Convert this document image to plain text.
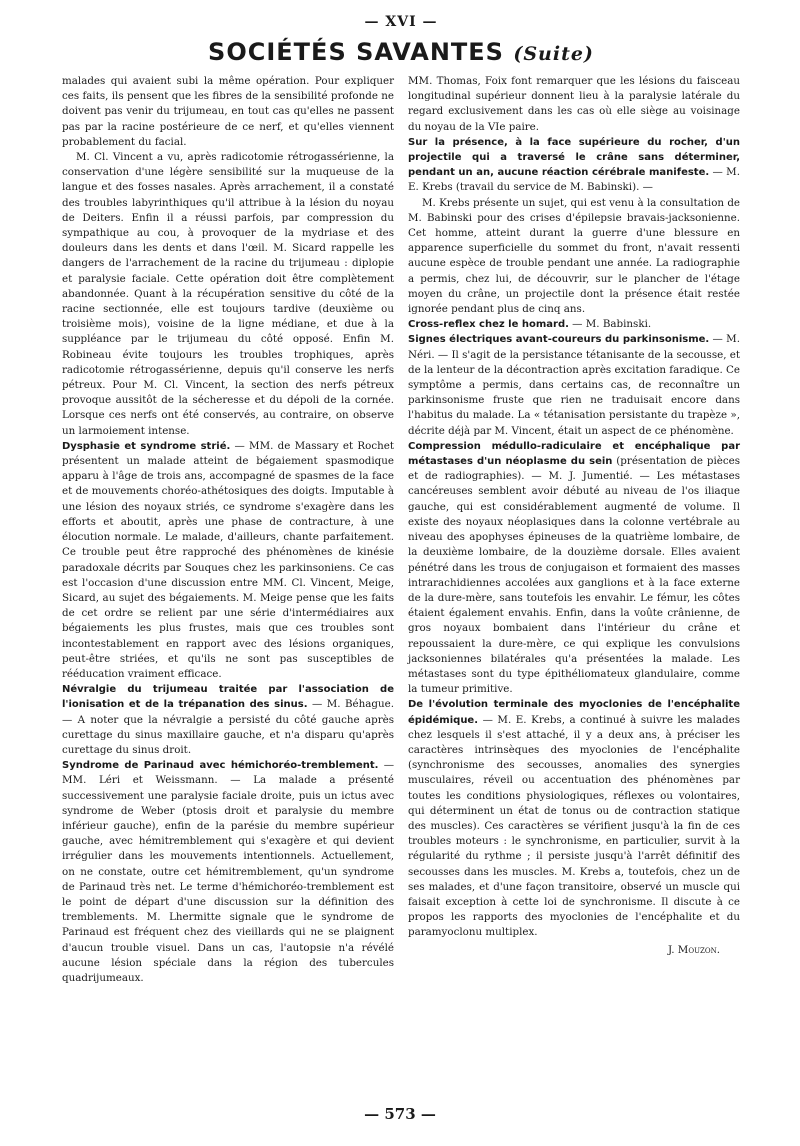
— XVI —
SOCIÉTÉS SAVANTES (Suite)

malades qui avaient subi la même opération. Pour expliquer ces faits, ils pensent que les fibres de la sensibilité profonde ne doivent pas venir du trijumeau, en tout cas qu'elles ne passent pas par la racine postérieure de ce nerf, et qu'elles viennent probablement du facial.

M. Cl. Vincent a vu, après radicotomie rétrogassérienne, la conservation d'une légère sensibilité sur la muqueuse de la langue et des fosses nasales. Après arrachement, il a constaté des troubles labyrinthiques qu'il attribue à la lésion du noyau de Deiters. Enfin il a réussi parfois, par compression du sympathique au cou, à provoquer de la mydriase et des douleurs dans les dents et dans l'œil. M. Sicard rappelle les dangers de l'arrachement de la racine du trijumeau : diplopie et paralysie faciale. Cette opération doit être complètement abandonnée. Quant à la récupération sensitive du côté de la racine sectionnée, elle est toujours tardive (deuxième ou troisième mois), voisine de la ligne médiane, et due à la suppléance par le trijumeau du côté opposé. Enfin M. Robineau évite toujours les troubles trophiques, après radicotomie rétrogassérienne, depuis qu'il conserve les nerfs pétreux. Pour M. Cl. Vincent, la section des nerfs pétreux provoque aussitôt de la sécheresse et du dépoli de la cornée. Lorsque ces nerfs ont été conservés, au contraire, on observe un larmoiement intense.

Dysphasie et syndrome strié. — MM. de Massary et Rochet présentent un malade atteint de bégaiement spasmodique apparu à l'âge de trois ans, accompagné de spasmes de la face et de mouvements choréo-athétosiques des doigts. Imputable à une lésion des noyaux striés, ce syndrome s'exagère dans les efforts et aboutit, après une phase de contracture, à une élocution normale. Le malade, d'ailleurs, chante parfaitement. Ce trouble peut être rapproché des phénomènes de kinésie paradoxale décrits par Souques chez les parkinsoniens. Ce cas est l'occasion d'une discussion entre MM. Cl. Vincent, Meige, Sicard, au sujet des bégaiements. M. Meige pense que les faits de cet ordre se relient par une série d'intermédiaires aux bégaiements les plus frustes, mais que ces troubles sont incontestablement en rapport avec des lésions organiques, peut-être striées, et qu'ils ne sont pas susceptibles de rééducation vraiment efficace.

Névralgie du trijumeau traitée par l'association de l'ionisation et de la trépanation des sinus. — M. Béhague. — A noter que la névralgie a persisté du côté gauche après curettage du sinus maxillaire gauche, et n'a disparu qu'après curettage du sinus droit.

Syndrome de Parinaud avec hémichoréo-tremblement. — MM. Léri et Weissmann. — La malade a présenté successivement une paralysie faciale droite, puis un ictus avec syndrome de Weber (ptosis droit et paralysie du membre inférieur gauche), enfin de la parésie du membre supérieur gauche, avec hémitremblement qui s'exagère et qui devient irrégulier dans les mouvements intentionnels. Actuellement, on ne constate, outre cet hémitremblement, qu'un syndrome de Parinaud très net. Le terme d'hémichoréo-tremblement est le point de départ d'une discussion sur la définition des tremblements. M. Lhermitte signale que le syndrome de Parinaud est fréquent chez des vieillards qui ne se plaignent d'aucun trouble visuel. Dans un cas, l'autopsie n'a révélé aucune lésion spéciale dans la région des tubercules quadrijumeaux.

MM. Thomas, Foix font remarquer que les lésions du faisceau longitudinal supérieur donnent lieu à la paralysie latérale du regard exclusivement dans les cas où elle siège au voisinage du noyau de la VIe paire.

Sur la présence, à la face supérieure du rocher, d'un projectile qui a traversé le crâne sans déterminer, pendant un an, aucune réaction cérébrale manifeste. — M. E. Krebs (travail du service de M. Babinski). —

M. Krebs présente un sujet, qui est venu à la consultation de M. Babinski pour des crises d'épilepsie bravais-jacksonienne. Cet homme, atteint durant la guerre d'une blessure en apparence superficielle du sommet du front, n'avait ressenti aucune espèce de trouble pendant une année. La radiographie a permis, chez lui, de découvrir, sur le plancher de l'étage moyen du crâne, un projectile dont la présence était restée ignorée pendant plus de cinq ans.

Cross-reflex chez le homard. — M. Babinski.

Signes électriques avant-coureurs du parkinsonisme. — M. Néri. — Il s'agit de la persistance tétanisante de la secousse, et de la lenteur de la décontraction après excitation faradique. Ce symptôme a permis, dans certains cas, de reconnaître un parkinsonisme fruste que rien ne traduisait encore dans l'habitus du malade. La « tétanisation persistante du trapèze », décrite déjà par M. Vincent, était un aspect de ce phénomène.

Compression médullo-radiculaire et encéphalique par métastases d'un néoplasme du sein (présentation de pièces et de radiographies). — M. J. Jumentié. — Les métastases cancéreuses semblent avoir débuté au niveau de l'os iliaque gauche, qui est considérablement augmenté de volume. Il existe des noyaux néoplasiques dans la colonne vertébrale au niveau des apophyses épineuses de la quatrième lombaire, de la deuxième lombaire, de la douzième dorsale. Elles avaient pénétré dans les trous de conjugaison et formaient des masses intrarachidiennes accolées aux ganglions et à la face externe de la dure-mère, sans toutefois les envahir. Le fémur, les côtes étaient également envahis. Enfin, dans la voûte crânienne, de gros noyaux bombaient dans l'intérieur du crâne et repoussaient la dure-mère, ce qui explique les convulsions jacksoniennes bilatérales qu'a présentées la malade. Les métastases sont du type épithéliomateux glandulaire, comme la tumeur primitive.

De l'évolution terminale des myoclonies de l'encéphalite épidémique. — M. E. Krebs, a continué à suivre les malades chez lesquels il s'est attaché, il y a deux ans, à préciser les caractères intrinsèques des myoclonies de l'encéphalite (synchronisme des secousses, anomalies des synergies musculaires, réveil ou accentuation des phénomènes par toutes les conditions physiologiques, réflexes ou volontaires, qui déterminent un état de tonus ou de contraction statique des muscles). Ces caractères se vérifient jusqu'à la fin de ces troubles moteurs : le synchronisme, en particulier, survit à la régularité du rythme ; il persiste jusqu'à l'arrêt définitif des secousses dans les muscles. M. Krebs a, toutefois, chez un de ses malades, et d'une façon transitoire, observé un muscle qui faisait exception à cette loi de synchronisme. Il discute à ce propos les rapports des myoclonies de l'encéphalite et du paramyoclonu multiplex.

J. Mouzon.
— 573 —
